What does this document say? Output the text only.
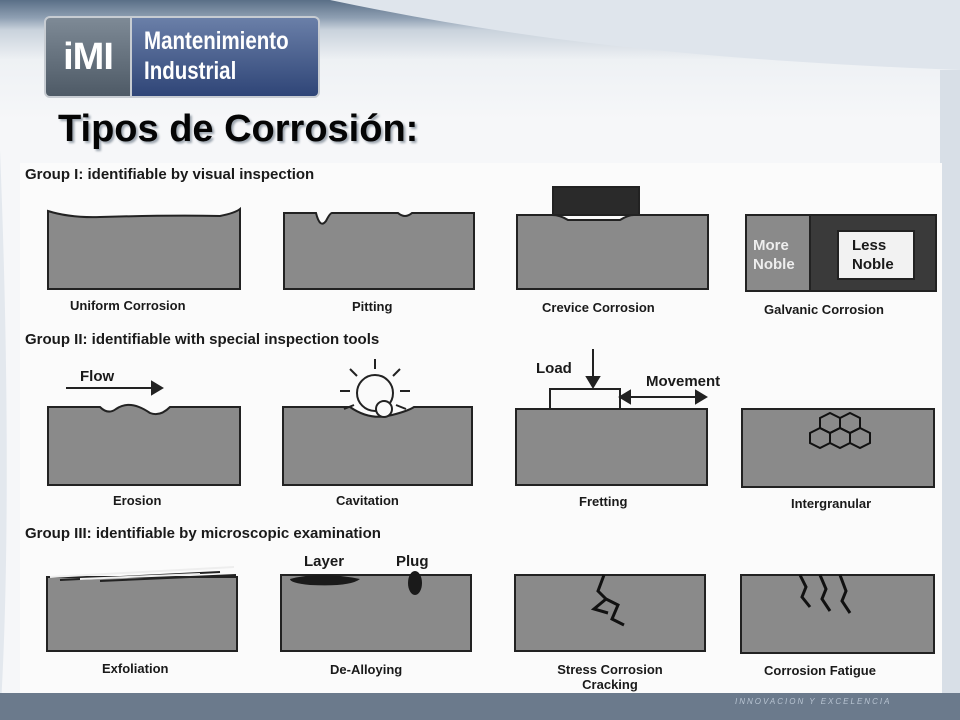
iMI	Mantenimiento
Industrial
Tipos de Corrosión:
INNOVACION Y EXCELENCIA
Group I: identifiable by visual inspection
Group II: identifiable with special inspection tools
Group III: identifiable by microscopic examination
More
Noble
Less
Noble
Flow	Load
Movement
Layer	Plug
Uniform Corrosion	Pitting	Crevice Corrosion	Galvanic Corrosion
Erosion	Cavitation	Fretting	Intergranular
Exfoliation	De-Alloying	Stress Corrosion
Cracking
Corrosion Fatigue
